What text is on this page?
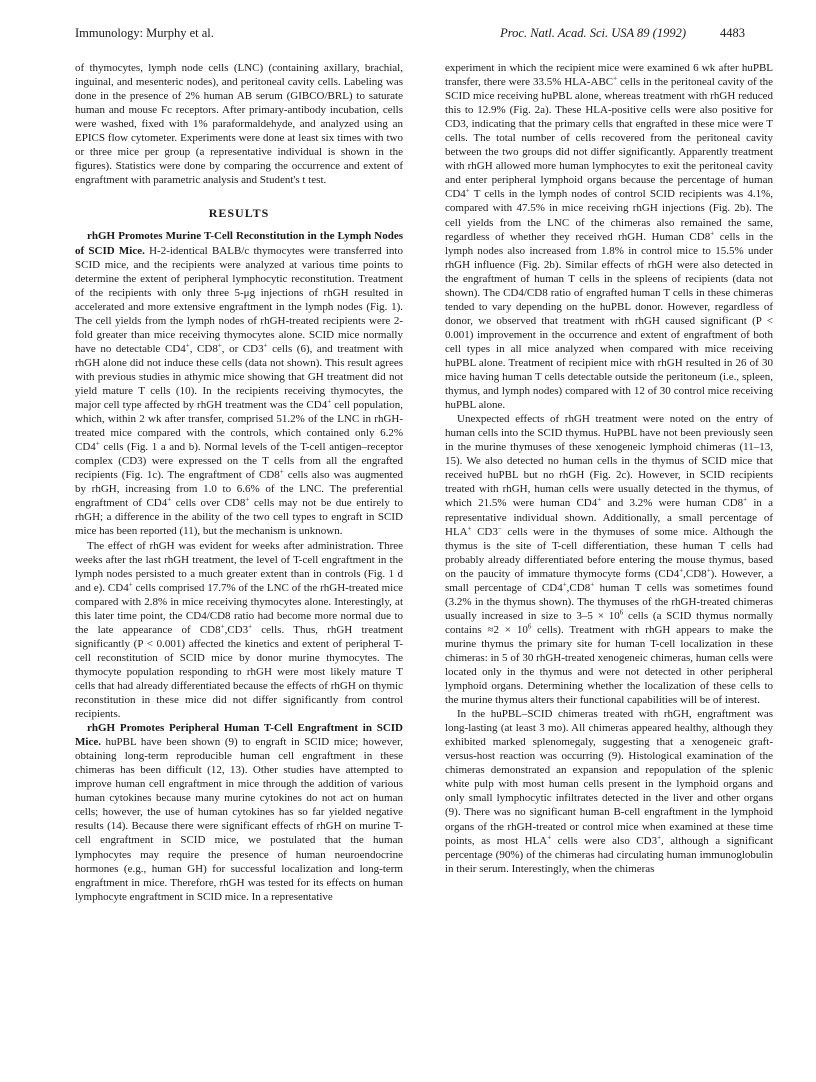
Immunology: Murphy et al.	Proc. Natl. Acad. Sci. USA 89 (1992)	4483

of thymocytes, lymph node cells (LNC) (containing axillary, brachial, inguinal, and mesenteric nodes), and peritoneal cavity cells. Labeling was done in the presence of 2% human AB serum (GIBCO/BRL) to saturate human and mouse Fc receptors. After primary-antibody incubation, cells were washed, fixed with 1% paraformaldehyde, and analyzed using an EPICS flow cytometer. Experiments were done at least six times with two or three mice per group (a representative individual is shown in the figures). Statistics were done by comparing the occurrence and extent of engraftment with parametric analysis and Student's t test.

RESULTS

rhGH Promotes Murine T-Cell Reconstitution in the Lymph Nodes of SCID Mice. H-2-identical BALB/c thymocytes were transferred into SCID mice, and the recipients were analyzed at various time points to determine the extent of peripheral lymphocytic reconstitution. Treatment of the recipients with only three 5-μg injections of rhGH resulted in accelerated and more extensive engraftment in the lymph nodes (Fig. 1). The cell yields from the lymph nodes of rhGH-treated recipients were 2-fold greater than mice receiving thymocytes alone. SCID mice normally have no detectable CD4+, CD8+, or CD3+ cells (6), and treatment with rhGH alone did not induce these cells (data not shown). This result agrees with previous studies in athymic mice showing that GH treatment did not yield mature T cells (10). In the recipients receiving thymocytes, the major cell type affected by rhGH treatment was the CD4+ cell population, which, within 2 wk after transfer, comprised 51.2% of the LNC in rhGH-treated mice compared with the controls, which contained only 6.2% CD4+ cells (Fig. 1 a and b). Normal levels of the T-cell antigen–receptor complex (CD3) were expressed on the T cells from all the engrafted recipients (Fig. 1c). The engraftment of CD8+ cells also was augmented by rhGH, increasing from 1.0 to 6.6% of the LNC. The preferential engraftment of CD4+ cells over CD8+ cells may not be due entirely to rhGH; a difference in the ability of the two cell types to engraft in SCID mice has been reported (11), but the mechanism is unknown.

The effect of rhGH was evident for weeks after administration. Three weeks after the last rhGH treatment, the level of T-cell engraftment in the lymph nodes persisted to a much greater extent than in controls (Fig. 1 d and e). CD4+ cells comprised 17.7% of the LNC of the rhGH-treated mice compared with 2.8% in mice receiving thymocytes alone. Interestingly, at this later time point, the CD4/CD8 ratio had become more normal due to the late appearance of CD8+,CD3+ cells. Thus, rhGH treatment significantly (P < 0.001) affected the kinetics and extent of peripheral T-cell reconstitution of SCID mice by donor murine thymocytes. The thymocyte population responding to rhGH were most likely mature T cells that had already differentiated because the effects of rhGH on thymic reconstitution in these mice did not differ significantly from control recipients.

rhGH Promotes Peripheral Human T-Cell Engraftment in SCID Mice. huPBL have been shown (9) to engraft in SCID mice; however, obtaining long-term reproducible human cell engraftment in these chimeras has been difficult (12, 13). Other studies have attempted to improve human cell engraftment in mice through the addition of various human cytokines because many murine cytokines do not act on human cells; however, the use of human cytokines has so far yielded negative results (14). Because there were significant effects of rhGH on murine T-cell engraftment in SCID mice, we postulated that the human lymphocytes may require the presence of human neuroendocrine hormones (e.g., human GH) for successful localization and long-term engraftment in mice. Therefore, rhGH was tested for its effects on human lymphocyte engraftment in SCID mice. In a representative

experiment in which the recipient mice were examined 6 wk after huPBL transfer, there were 33.5% HLA-ABC+ cells in the peritoneal cavity of the SCID mice receiving huPBL alone, whereas treatment with rhGH reduced this to 12.9% (Fig. 2a). These HLA-positive cells were also positive for CD3, indicating that the primary cells that engrafted in these mice were T cells. The total number of cells recovered from the peritoneal cavity between the two groups did not differ significantly. Apparently treatment with rhGH allowed more human lymphocytes to exit the peritoneal cavity and enter peripheral lymphoid organs because the percentage of human CD4+ T cells in the lymph nodes of control SCID recipients was 4.1%, compared with 47.5% in mice receiving rhGH injections (Fig. 2b). The cell yields from the LNC of the chimeras also remained the same, regardless of whether they received rhGH. Human CD8+ cells in the lymph nodes also increased from 1.8% in control mice to 15.5% under rhGH influence (Fig. 2b). Similar effects of rhGH were also detected in the engraftment of human T cells in the spleens of recipients (data not shown). The CD4/CD8 ratio of engrafted human T cells in these chimeras tended to vary depending on the huPBL donor. However, regardless of donor, we observed that treatment with rhGH caused significant (P < 0.001) improvement in the occurrence and extent of engraftment of both cell types in all mice analyzed when compared with mice receiving huPBL alone. Treatment of recipient mice with rhGH resulted in 26 of 30 mice having human T cells detectable outside the peritoneum (i.e., spleen, thymus, and lymph nodes) compared with 12 of 30 control mice receiving huPBL alone.

Unexpected effects of rhGH treatment were noted on the entry of human cells into the SCID thymus. HuPBL have not been previously seen in the murine thymuses of these xenogeneic lymphoid chimeras (11–13, 15). We also detected no human cells in the thymus of SCID mice that received huPBL but no rhGH (Fig. 2c). However, in SCID recipients treated with rhGH, human cells were usually detected in the thymus, of which 21.5% were human CD4+ and 3.2% were human CD8+ in a representative individual shown. Additionally, a small percentage of HLA+ CD3− cells were in the thymuses of some mice. Although the thymus is the site of T-cell differentiation, these human T cells had probably already differentiated before entering the mouse thymus, based on the paucity of immature thymocyte forms (CD4+,CD8+). However, a small percentage of CD4+,CD8+ human T cells was sometimes found (3.2% in the thymus shown). The thymuses of the rhGH-treated chimeras usually increased in size to $3-5 \times 10^6$ cells (a SCID thymus normally contains $\approx 2 \times 10^6$ cells). Treatment with rhGH appears to make the murine thymus the primary site for human T-cell localization in these chimeras: in 5 of 30 rhGH-treated xenogeneic chimeras, human cells were located only in the thymus and were not detected in other peripheral lymphoid organs. Determining whether the localization of these cells to the murine thymus alters their functional capabilities will be of interest.

In the huPBL–SCID chimeras treated with rhGH, engraftment was long-lasting (at least 3 mo). All chimeras appeared healthy, although they exhibited marked splenomegaly, suggesting that a xenogeneic graft-versus-host reaction was occurring (9). Histological examination of the chimeras demonstrated an expansion and repopulation of the splenic white pulp with most human cells present in the lymphoid organs and only small lymphocytic infiltrates detected in the liver and other organs (9). There was no significant human B-cell engraftment in the lymphoid organs of the rhGH-treated or control mice when examined at these time points, as most HLA+ cells were also CD3+, although a significant percentage (90%) of the chimeras had circulating human immunoglobulin in their serum. Interestingly, when the chimeras
